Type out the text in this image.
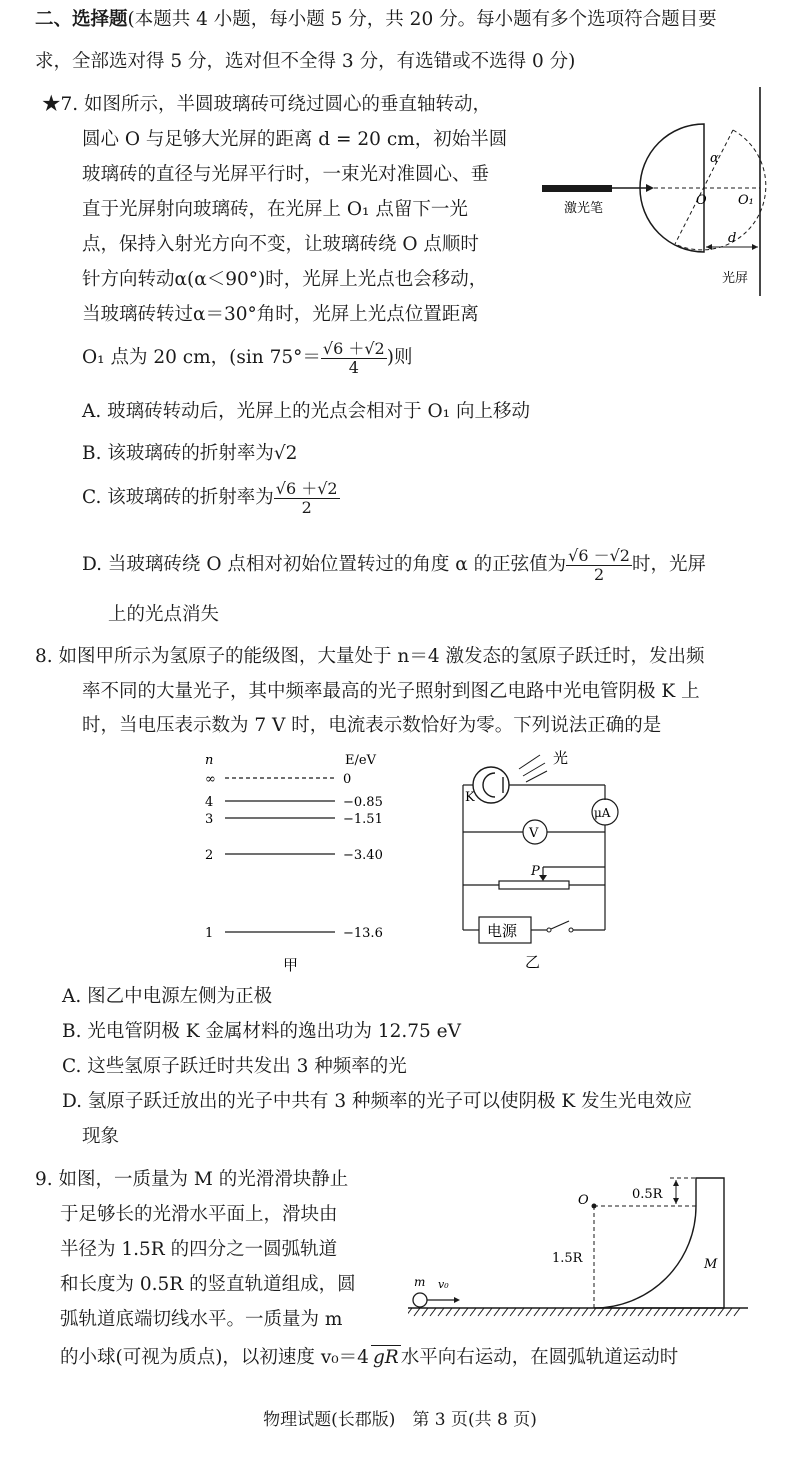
二、选择题(本题共 4 小题，每小题 5 分，共 20 分。每小题有多个选项符合题目要
求，全部选对得 5 分，选对但不全得 3 分，有选错或不选得 0 分)
★7. 如图所示，半圆玻璃砖可绕过圆心的垂直轴转动，
圆心 O 与足够大光屏的距离 d = 20 cm，初始半圆
玻璃砖的直径与光屏平行时，一束光对准圆心、垂
直于光屏射向玻璃砖，在光屏上 O₁ 点留下一光
点，保持入射光方向不变，让玻璃砖绕 O 点顺时
针方向转动α(α＜90°)时，光屏上光点也会移动，
当玻璃砖转过α＝30°角时，光屏上光点位置距离
O₁ 点为 20 cm，(sin $75^\circ= \frac{√6 +√2}{4}$ )则
A. 玻璃砖转动后，光屏上的光点会相对于 O₁ 向上移动
B. 该玻璃砖的折射率为√2
C. 该玻璃砖的折射率为 $\frac{√6 +√2}{2}$
D. 当玻璃砖绕 O 点相对初始位置转过的角度 α 的正弦值为 $\frac{√6 -√2}{2}$ 时，光屏
上的光点消失
激光笔
光屏
O O₁
d
α
8. 如图甲所示为氢原子的能级图，大量处于 n＝4 激发态的氢原子跃迁时，发出频
率不同的大量光子，其中频率最高的光子照射到图乙电路中光电管阴极 K 上
时，当电压表示数为 7 V 时，电流表示数恰好为零。下列说法正确的是
n	E/eV
∞	0
4	−0.85
3	−1.51
2	−3.40
1	−13.6
甲
光
K
μA
V
P
电源
乙
A. 图乙中电源左侧为正极
B. 光电管阴极 K 金属材料的逸出功为 12.75 eV
C. 这些氢原子跃迁时共发出 3 种频率的光
D. 氢原子跃迁放出的光子中共有 3 种频率的光子可以使阴极 K 发生光电效应
现象
9. 如图，一质量为 M 的光滑滑块静止
于足够长的光滑水平面上，滑块由
半径为 1.5R 的四分之一圆弧轨道
和长度为 0.5R 的竖直轨道组成，圆
弧轨道底端切线水平。一质量为 m
的小球(可视为质点)，以初速度 v₀＝4 gR 水平向右运动，在圆弧轨道运动时
0.5R
O
1.5R	M
m v₀
物理试题(长郡版)　第 3 页(共 8 页)
